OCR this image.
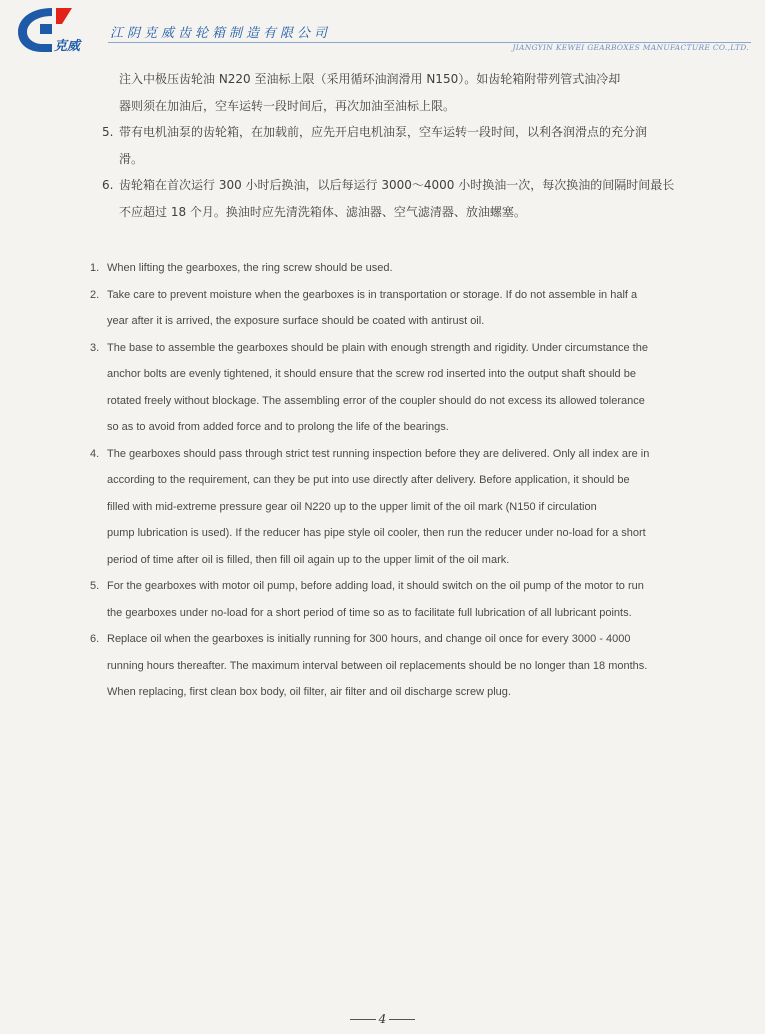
克威
江阴克威齿轮箱制造有限公司
JIANGYIN KEWEI GEARBOXES MANUFACTURE CO.,LTD.
注入中极压齿轮油 N220 至油标上限（采用循环油润滑用 N150）。如齿轮箱附带列管式油冷却
器则须在加油后，空车运转一段时间后，再次加油至油标上限。
5. 带有电机油泵的齿轮箱，在加载前，应先开启电机油泵，空车运转一段时间，以利各润滑点的充分润
滑。
6. 齿轮箱在首次运行 300 小时后换油，以后每运行 3000～4000 小时换油一次，每次换油的间隔时间最长
不应超过 18 个月。换油时应先清洗箱体、滤油器、空气滤清器、放油螺塞。
1. When lifting the gearboxes, the ring screw should be used.
2. Take care to prevent moisture when the gearboxes is in transportation or storage. If do not assemble in half a
year after it is arrived, the exposure surface should be coated with antirust oil.
3. The base to assemble the gearboxes should be plain with enough strength and rigidity. Under circumstance the
anchor bolts are evenly tightened, it should ensure that the screw rod inserted into the output shaft should be
rotated freely without blockage. The assembling error of the coupler should do not excess its allowed tolerance
so as to avoid from added force and to prolong the life of the bearings.
4. The gearboxes should pass through strict test running inspection before they are delivered. Only all index are in
according to the requirement, can they be put into use directly after delivery. Before application, it should be
filled with mid-extreme pressure gear oil N220 up to the upper limit of the oil mark (N150 if circulation
pump lubrication is used). If the reducer has pipe style oil cooler, then run the reducer under no-load for a short
period of time after oil is filled, then fill oil again up to the upper limit of the oil mark.
5. For the gearboxes with motor oil pump, before adding load, it should switch on the oil pump of the motor to run
the gearboxes under no-load for a short period of time so as to facilitate full lubrication of all lubricant points.
6. Replace oil when the gearboxes is initially running for 300 hours, and change oil once for every 3000 - 4000
running hours thereafter. The maximum interval between oil replacements should be no longer than 18 months.
When replacing, first clean box body, oil filter, air filter and oil discharge screw plug.
4
